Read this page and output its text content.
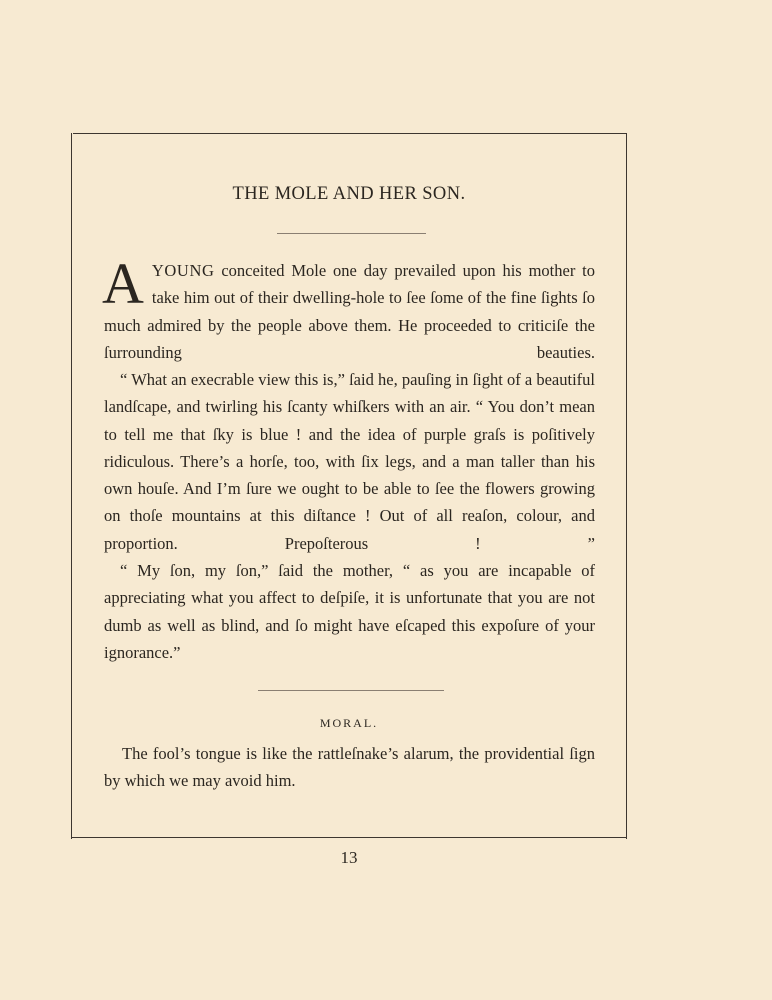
THE MOLE AND HER SON.

AYOUNG conceited Mole one day prevailed upon his mother to take him out of their dwelling-hole to ſee ſome of the fine ſights ſo much admired by the people above them. He proceeded to criticiſe the ſurrounding beauties.

“ What an execrable view this is,” ſaid he, pauſing in ſight of a beautiful landſcape, and twirling his ſcanty whiſkers with an air. “ You don’t mean to tell me that ſky is blue ! and the idea of purple graſs is poſitively ridiculous. There’s a horſe, too, with ſix legs, and a man taller than his own houſe. And I’m ſure we ought to be able to ſee the flowers growing on thoſe mountains at this diſtance ! Out of all reaſon, colour, and proportion. Prepoſterous ! ”

“ My ſon, my ſon,” ſaid the mother, “ as you are incapable of appreciating what you affect to deſpiſe, it is unfortunate that you are not dumb as well as blind, and ſo might have eſcaped this expoſure of your ignorance.”

MORAL.

The fool’s tongue is like the rattleſnake’s alarum, the providential ſign by which we may avoid him.

13
